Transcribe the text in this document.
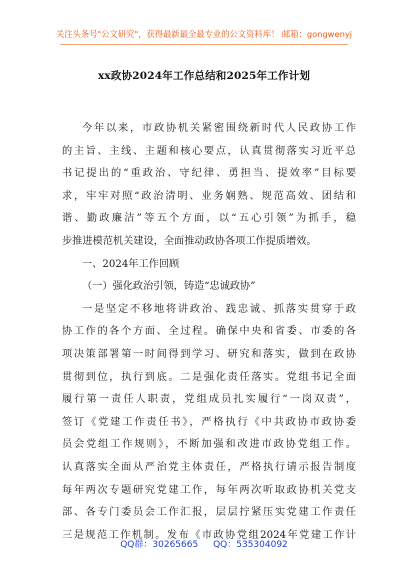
关注头条号"公文研究"，获得最新最全最专业的公文资料库！ 邮箱：gongwenyj
xx政协2024年工作总结和2025年工作计划
今年以来，市政协机关紧密围绕新时代人民政协工作
的主旨、主线、主题和核心要点，认真贯彻落实习近平总
书记提出的“重政治、守纪律、勇担当、提效率”目标要
求，牢牢对照“政治清明、业务娴熟、规范高效、团结和
谐、勤政廉洁”等五个方面，以“五心引领”为抓手，稳
步推进模范机关建设，全面推动政协各项工作提质增效。
一、2024年工作回顾
（一）强化政治引领，铸造“忠诚政协”
一是坚定不移地将讲政治、践忠诚、抓落实贯穿于政
协工作的各个方面、全过程。确保中央和省委、市委的各
项决策部署第一时间得到学习、研究和落实，做到在政协
贯彻到位，执行到底。二是强化责任落实。党组书记全面
履行第一责任人职责，党组成员扎实履行“一岗双责”，
签订《党建工作责任书》，严格执行《中共政协市政协委
员会党组工作规则》，不断加强和改进市政协党组工作。
认真落实全面从严治党主体责任，严格执行请示报告制度
每年两次专题研究党建工作，每年两次听取政协机关党支
部、各专门委员会工作汇报，层层拧紧压实党建工作责任
三是规范工作机制。发布《市政协党组2024年党建工作计
QQ群：30265665 QQ：535304092
